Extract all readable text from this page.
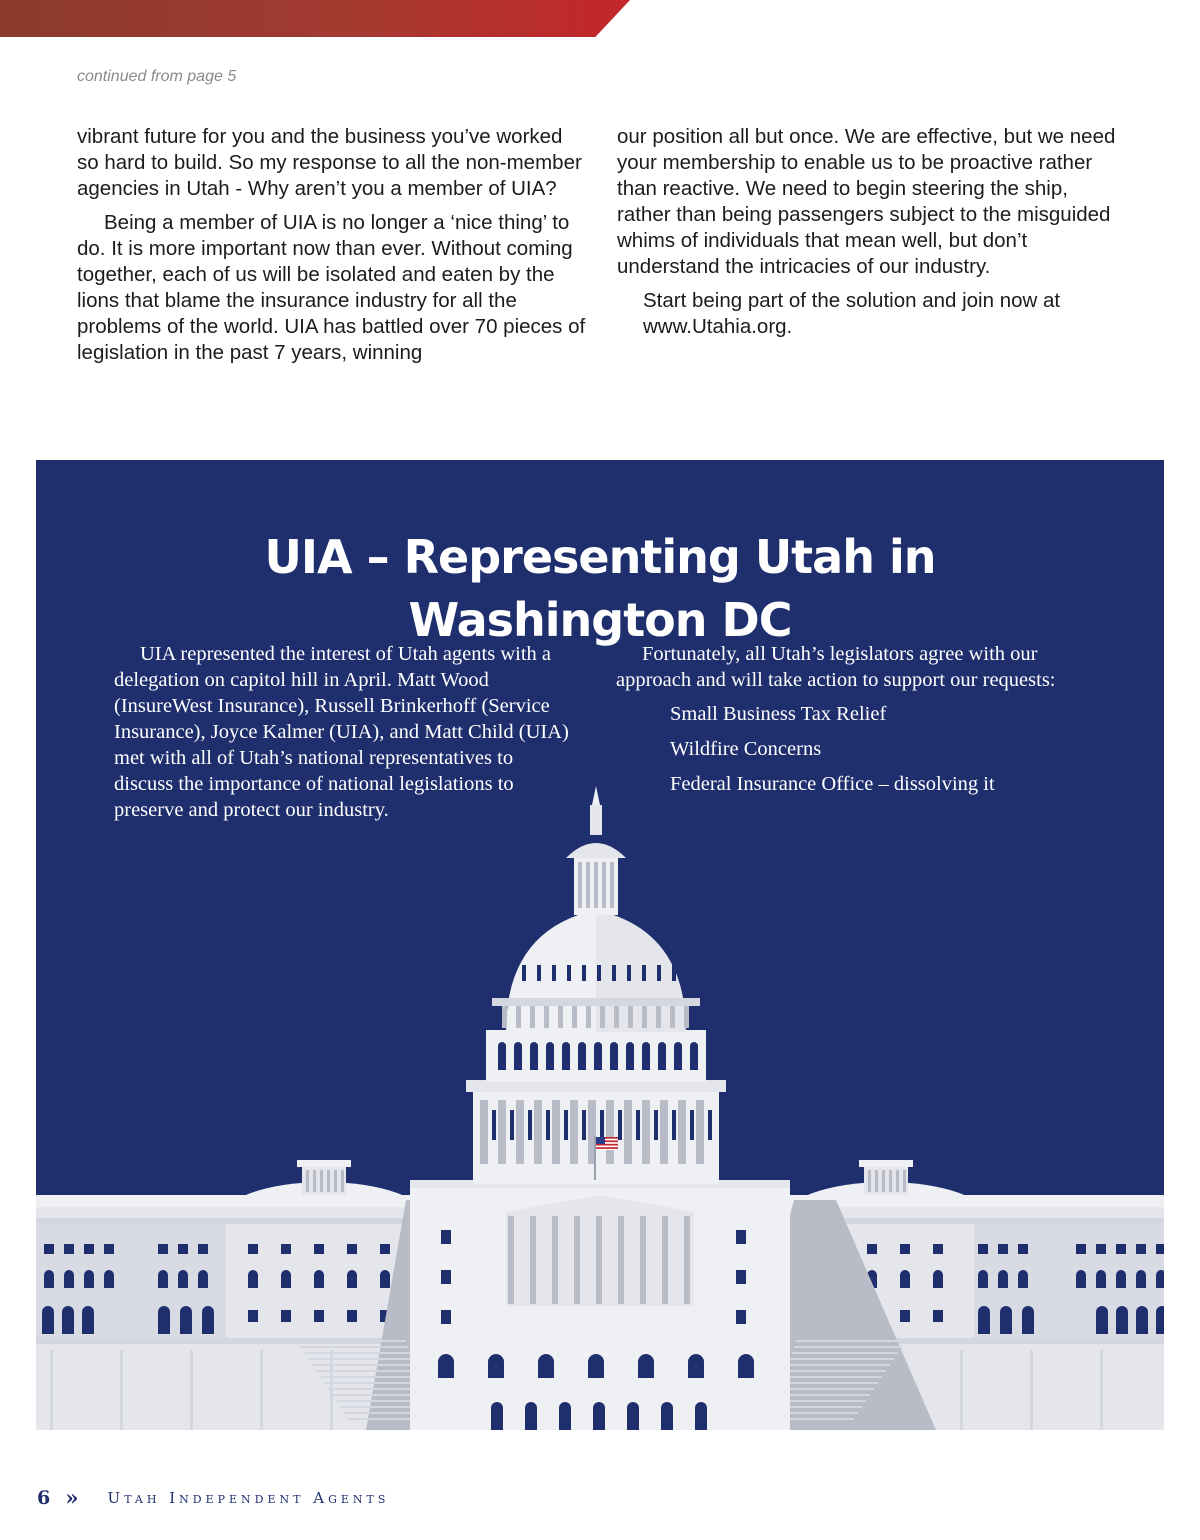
continued from page 5

vibrant future for you and the business you’ve worked so hard to build. So my response to all the non-member agencies in Utah - Why aren’t you a member of UIA?

Being a member of UIA is no longer a ‘nice thing’ to do. It is more important now than ever. Without coming together, each of us will be isolated and eaten by the lions that blame the insurance industry for all the problems of the world. UIA has battled over 70 pieces of legislation in the past 7 years, winning

our position all but once. We are effective, but we need your membership to enable us to be proactive rather than reactive. We need to begin steering the ship, rather than being passengers subject to the misguided whims of individuals that mean well, but don’t understand the intricacies of our industry.

Start being part of the solution and join now at www.Utahia.org.

UIA – Representing Utah in
Washington DC

UIA represented the interest of Utah agents with a delegation on capitol hill in April. Matt Wood (InsureWest Insurance), Russell Brinkerhoff (Service Insurance), Joyce Kalmer (UIA), and Matt Child (UIA) met with all of Utah’s national representatives to discuss the importance of national legislations to preserve and protect our industry.

Fortunately, all Utah’s legislators agree with our approach and will take action to support our requests:

Small Business Tax Relief
Wildfire Concerns
Federal Insurance Office – dissolving it
6 » Utah Independent Agents
